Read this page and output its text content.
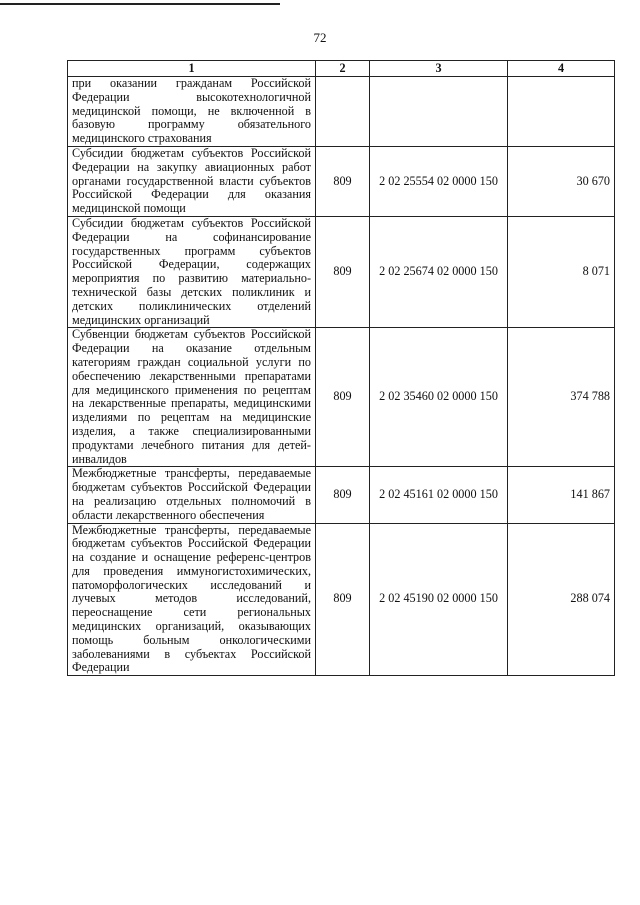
72
1	2	3	4
при оказании гражданам Российской Федерации высокотехнологичной медицинской помощи, не включенной в базовую программу обязательного медицинского страхования			
Субсидии бюджетам субъектов Российской Федерации на закупку авиационных работ органами государственной власти субъектов Российской Федерации для оказания медицинской помощи	809	2 02 25554 02 0000 150	30 670
Субсидии бюджетам субъектов Российской Федерации на софинансирование государственных программ субъектов Российской Федерации, содержащих мероприятия по развитию материально-технической базы детских поликлиник и детских поликлинических отделений медицинских организаций	809	2 02 25674 02 0000 150	8 071
Субвенции бюджетам субъектов Российской Федерации на оказание отдельным категориям граждан социальной услуги по обеспечению лекарственными препаратами для медицинского применения по рецептам на лекарственные препараты, медицинскими изделиями по рецептам на медицинские изделия, а также специализированными продуктами лечебного питания для детей-инвалидов	809	2 02 35460 02 0000 150	374 788
Межбюджетные трансферты, передаваемые бюджетам субъектов Российской Федерации на реализацию отдельных полномочий в области лекарственного обеспечения	809	2 02 45161 02 0000 150	141 867
Межбюджетные трансферты, передаваемые бюджетам субъектов Российской Федерации на создание и оснащение референс-центров для проведения иммуногистохимических, патоморфологических исследований и лучевых методов исследований, переоснащение сети региональных медицинских организаций, оказывающих помощь больным онкологическими заболеваниями в субъектах Российской Федерации	809	2 02 45190 02 0000 150	288 074
